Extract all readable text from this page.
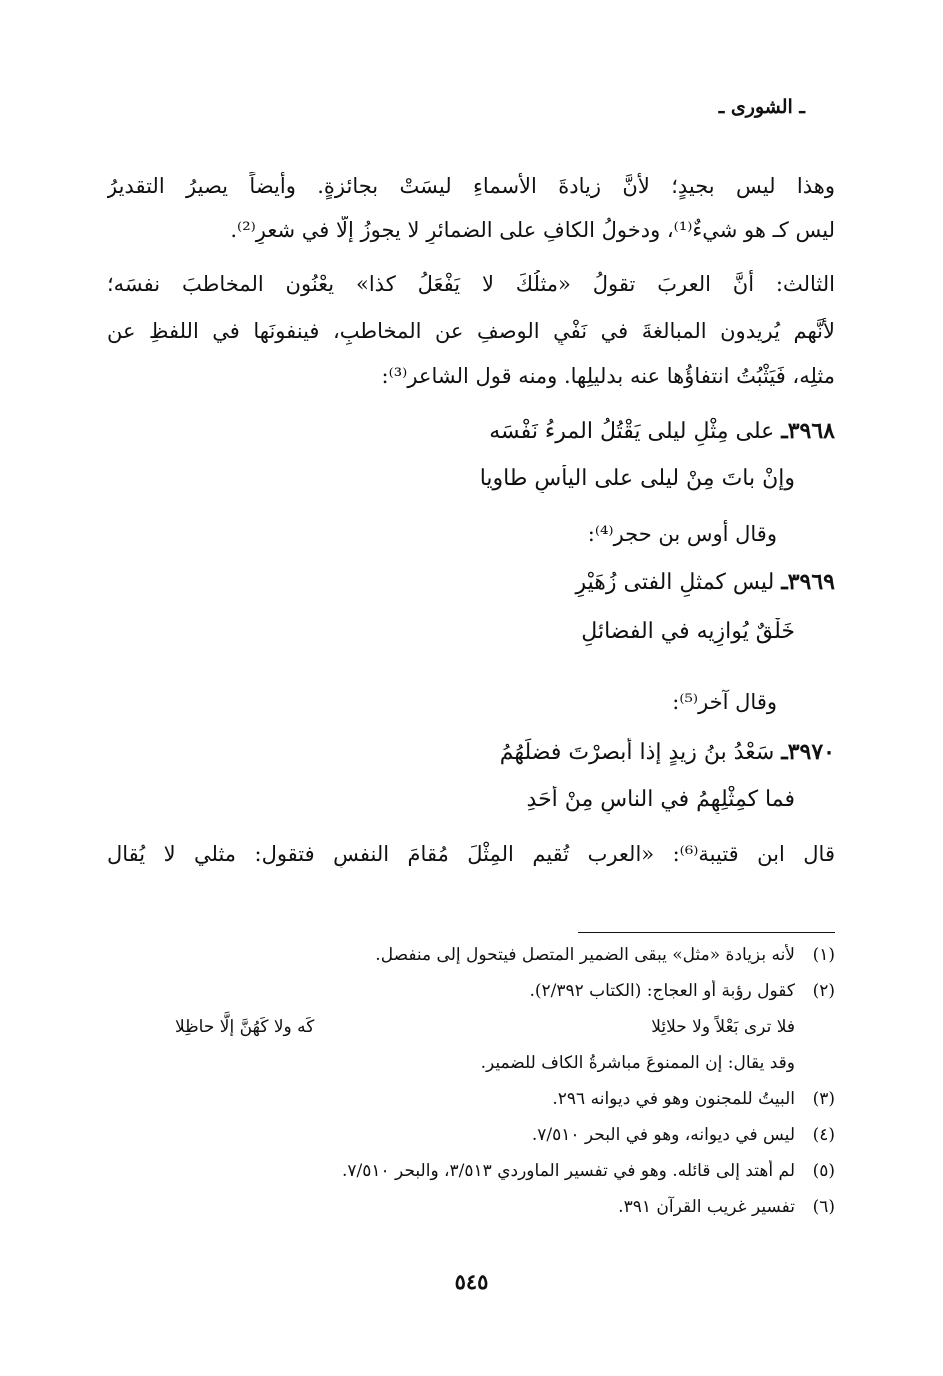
ـ الشورى ـ
وهذا ليس بجيدٍ؛ لأنَّ زيادةَ الأسماءِ ليسَتْ بجائزةٍ. وأيضاً يصيرُ التقديرُ
ليس كـ هو شيءٌ⁽¹⁾، ودخولُ الكافِ على الضمائرِ لا يجوزُ إلَّا في شعرٍ⁽²⁾.
الثالث: أنَّ العربَ تقولُ «مثلُكَ لا يَفْعَلُ كذا» يعْنُون المخاطبَ نفسَه؛
لأنَّهم يُريدون المبالغةَ في نَفْيِ الوصفِ عن المخاطبِ، فينفونَها في اللفظِ عن
مثلِه، فَيَثْبُتُ انتفاؤُها عنه بدليلِها. ومنه قول الشاعر⁽³⁾:
٣٩٦٨ـ على مِثْلِ ليلى يَقْتُلُ المرءُ نَفْسَه
وإنْ باتَ مِنْ ليلى على اليأسِ طاويا
وقال أوس بن حجر⁽⁴⁾:
٣٩٦٩ـ ليس كمثلِ الفتى زُهَيْرٍ
خَلْقٌ يُوازِيه في الفضائلِ
وقال آخر⁽⁵⁾:
٣٩٧٠ـ سَعْدُ بنُ زيدٍ إذا أبصرْتَ فضلَهُمُ
فما كمِثْلِهِمُ في الناسِ مِنْ أحَدِ
قال ابن قتيبة⁽⁶⁾: «العرب تُقيم المِثْلَ مُقامَ النفسِ فتقول: مثلي لا يُقال
(١)لأنه بزيادة «مثل» يبقى الضمير المتصل فيتحول إلى منفصل.
(٢)كقول رؤبة أو العجاج: (الكتاب ٢/٣٩٢).
فلا ترى بَعْلاً ولا حلائِلا
كَه ولا كَهُنَّ إلَّا حاظِلا
وقد يقال: إن الممنوعَ مباشرةُ الكاف للضمير.
(٣)البيتُ للمجنون وهو في ديوانه ٢٩٦.
(٤)ليس في ديوانه، وهو في البحر ٧/٥١٠.
(٥)لم أهتد إلى قائله. وهو في تفسير الماوردي ٣/٥١٣، والبحر ٧/٥١٠.
(٦)تفسير غريب القرآن ٣٩١.
٥٤٥
